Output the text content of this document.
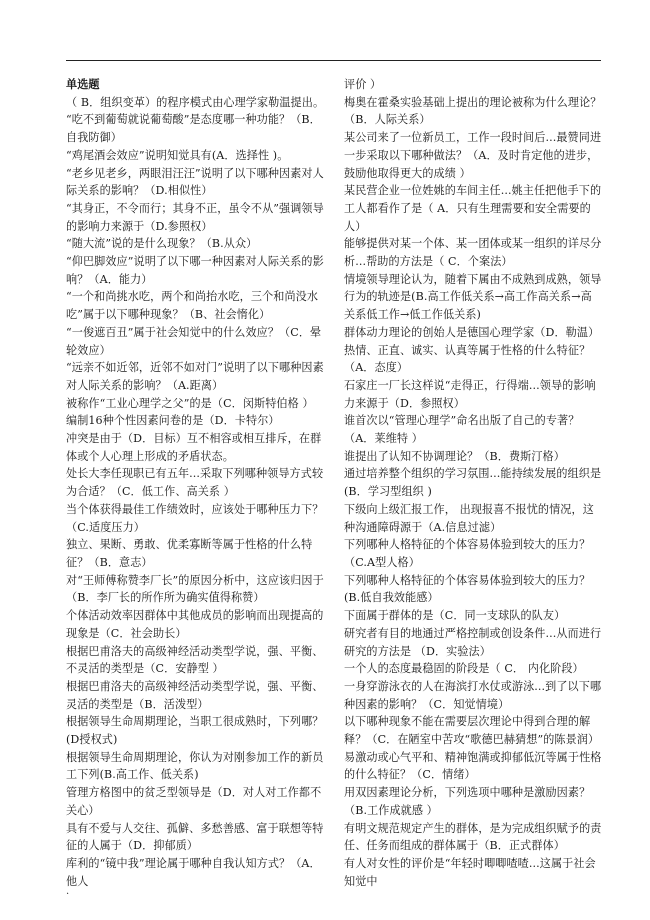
单选题

（ B．组织变革）的程序模式由心理学家勒温提出。

“吃不到葡萄就说葡萄酸”是态度哪一种功能？（B．自我防御）

“鸡尾酒会效应”说明知觉具有(A．选择性 )。

“老乡见老乡，两眼泪汪汪”说明了以下哪种因素对人际关系的影响？（D.相似性）

“其身正，不令而行；其身不正，虽令不从”强调领导的影响力来源于（D.参照权）

“随大流”说的是什么现象？（B.从众）

“仰巴脚效应”说明了以下哪一种因素对人际关系的影响？（A．能力）

“一个和尚挑水吃，两个和尚抬水吃，三个和尚没水吃”属于以下哪种现象？（B、社会惰化）

“一俊遮百丑”属于社会知觉中的什么效应？（C．晕轮效应）

“远亲不如近邻，近邻不如对门”说明了以下哪种因素对人际关系的影响？（A.距离）

被称作“工业心理学之父”的是（C．闵斯特伯格 ）

编制16种个性因素问卷的是（D．卡特尔）

冲突是由于（D．目标）互不相容或相互排斥，在群体或个人心理上形成的矛盾状态。

处长大李任现职已有五年...采取下列哪种领导方式较为合适？（C．低工作、高关系 ）

当个体获得最佳工作绩效时，应该处于哪种压力下？（C.适度压力）

独立、果断、勇敢、优柔寡断等属于性格的什么特征？（B．意志）

对“王师傅称赞李厂长”的原因分析中，这应该归因于（B．李厂长的所作所为确实值得称赞）

个体活动效率因群体中其他成员的影响而出现提高的现象是（C．社会助长）

根据巴甫洛夫的高级神经活动类型学说，强、平衡、不灵活的类型是（C．安静型 ）

根据巴甫洛夫的高级神经活动类型学说，强、平衡、灵活的类型是（B．活泼型）

根据领导生命周期理论，当职工很成熟时，下列哪？(D授权式)

根据领导生命周期理论，你认为对刚参加工作的新员工下列(B.高工作、低关系)

管理方格图中的贫乏型领导是（D．对人对工作都不关心）

具有不爱与人交往、孤僻、多愁善感、富于联想等特征的人属于（D．抑郁质）

库利的“镜中我”理论属于哪种自我认知方式？（A．他人

评价 ）

梅奥在霍桑实验基础上提出的理论被称为什么理论？（B．人际关系）

某公司来了一位新员工，工作一段时间后...最赞同进一步采取以下哪种做法？（A．及时肯定他的进步，鼓励他取得更大的成绩 ）

某民营企业一位姓姚的车间主任...姚主任把他手下的工人都看作了是（ A．只有生理需要和安全需要的人）

能够提供对某一个体、某一团体或某一组织的详尽分析...帮助的方法是（ C．个案法）

情境领导理论认为，随着下属由不成熟到成熟，领导行为的轨迹是(B.高工作低关系→高工作高关系→高关系低工作→低工作低关系)

群体动力理论的创始人是德国心理学家（D．勒温）

热情、正直、诚实、认真等属于性格的什么特征？（A．态度）

石家庄一厂长这样说“走得正，行得端...领导的影响力来源于（D．参照权）

谁首次以“管理心理学”命名出版了自己的专著？（A．莱维特 ）

谁提出了认知不协调理论？（B．费斯汀格）

通过培养整个组织的学习氛围...能持续发展的组织是(B．学习型组织 )

下级向上级汇报工作， 出现报喜不报忧的情况，这种沟通障碍源于（A.信息过滤）

下列哪种人格特征的个体容易体验到较大的压力？ （C.A型人格）

下列哪种人格特征的个体容易体验到较大的压力？(B.低自我效能感）

下面属于群体的是（C．同一支球队的队友）

研究者有目的地通过严格控制或创设条件...从而进行研究的方法是 （D．实验法）

一个人的态度最稳固的阶段是（ C． 内化阶段）

一身穿游泳衣的人在海滨打水仗或游泳...到了以下哪种因素的影响？（C．知觉情境）

以下哪种现象不能在需要层次理论中得到合理的解释？（C．在陋室中苦攻“歌德巴赫猜想”的陈景润）

易激动或心气平和、精神饱满或抑郁低沉等属于性格的什么特征？（C．情绪）

用双因素理论分析，下列选项中哪种是激励因素？ （B.工作成就感 ）

有明文规范规定产生的群体，是为完成组织赋予的责任、任务而组成的群体属于（B．正式群体）

有人对女性的评价是“年轻时唧唧喳喳...这属于社会知觉中

.
